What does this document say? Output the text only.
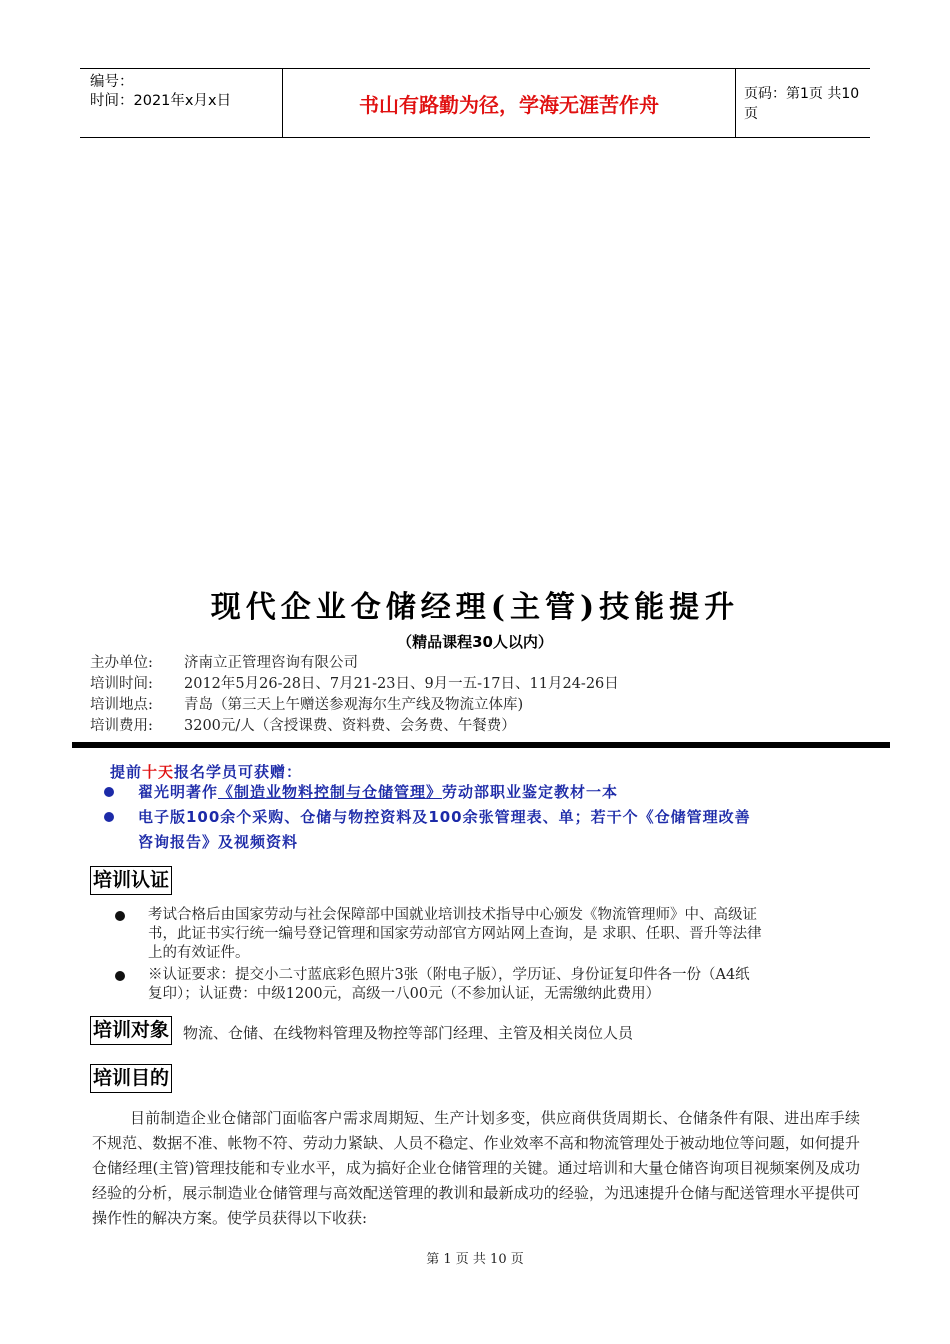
编号：
时间：2021年x月x日	书山有路勤为径，学海无涯苦作舟	页码：第1页 共10页
现代企业仓储经理(主管)技能提升
（精品课程30人以内）
主办单位:	济南立正管理咨询有限公司
培训时间:	2012年5月26-28日、7月21-23日、9月一五-17日、11月24-26日
培训地点:	青岛（第三天上午赠送参观海尔生产线及物流立体库)
培训费用:	3200元/人（含授课费、资料费、会务费、午餐费）
提前十天报名学员可获赠：
翟光明著作《制造业物料控制与仓储管理》劳动部职业鉴定教材一本
电子版100余个采购、仓储与物控资料及100余张管理表、单；若干个《仓储管理改善
咨询报告》及视频资料
培训认证
考试合格后由国家劳动与社会保障部中国就业培训技术指导中心颁发《物流管理师》中、高级证
书，此证书实行统一编号登记管理和国家劳动部官方网站网上查询，是 求职、任职、晋升等法律
上的有效证件。
※认证要求：提交小二寸蓝底彩色照片3张（附电子版），学历证、身份证复印件各一份（A4纸
复印）；认证费：中级1200元，高级一八00元（不参加认证，无需缴纳此费用）
培训对象 物流、仓储、在线物料管理及物控等部门经理、主管及相关岗位人员
培训目的
目前制造企业仓储部门面临客户需求周期短、生产计划多变，供应商供货周期长、仓储条件有限、进出库手续不规范、数据不准、帐物不符、劳动力紧缺、人员不稳定、作业效率不高和物流管理处于被动地位等问题，如何提升仓储经理(主管)管理技能和专业水平，成为搞好企业仓储管理的关键。通过培训和大量仓储咨询项目视频案例及成功经验的分析，展示制造业仓储管理与高效配送管理的教训和最新成功的经验，为迅速提升仓储与配送管理水平提供可操作性的解决方案。使学员获得以下收获:
第 1 页 共 10 页
